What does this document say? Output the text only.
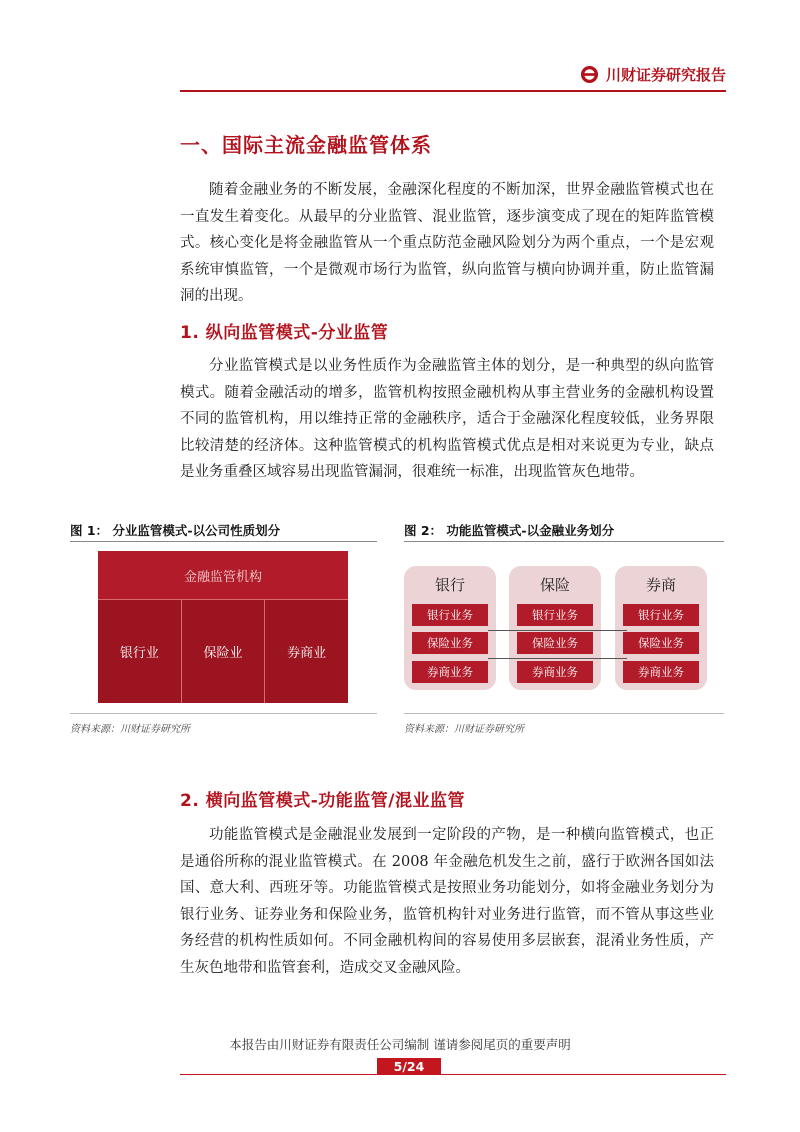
川财证券研究报告
一、国际主流金融监管体系

随着金融业务的不断发展，金融深化程度的不断加深，世界金融监管模式也在一直发生着变化。从最早的分业监管、混业监管，逐步演变成了现在的矩阵监管模式。核心变化是将金融监管从一个重点防范金融风险划分为两个重点，一个是宏观系统审慎监管，一个是微观市场行为监管，纵向监管与横向协调并重，防止监管漏洞的出现。

1. 纵向监管模式-分业监管

分业监管模式是以业务性质作为金融监管主体的划分，是一种典型的纵向监管模式。随着金融活动的增多，监管机构按照金融机构从事主营业务的金融机构设置不同的监管机构，用以维持正常的金融秩序，适合于金融深化程度较低，业务界限比较清楚的经济体。这种监管模式的机构监管模式优点是相对来说更为专业，缺点是业务重叠区域容易出现监管漏洞，很难统一标准，出现监管灰色地带。

图 1： 分业监管模式-以公司性质划分
金融监管机构
银行业	保险业	券商业
资料来源：川财证券研究所
图 2： 功能监管模式-以金融业务划分
银行
银行业务
保险业务
券商业务
保险
银行业务
保险业务
券商业务
券商
银行业务
保险业务
券商业务
资料来源：川财证券研究所
2. 横向监管模式-功能监管/混业监管

功能监管模式是金融混业发展到一定阶段的产物，是一种横向监管模式，也正是通俗所称的混业监管模式。在 2008 年金融危机发生之前，盛行于欧洲各国如法国、意大利、西班牙等。功能监管模式是按照业务功能划分，如将金融业务划分为银行业务、证券业务和保险业务，监管机构针对业务进行监管，而不管从事这些业务经营的机构性质如何。不同金融机构间的容易使用多层嵌套，混淆业务性质，产生灰色地带和监管套利，造成交叉金融风险。

本报告由川财证券有限责任公司编制 谨请参阅尾页的重要声明
5/24
